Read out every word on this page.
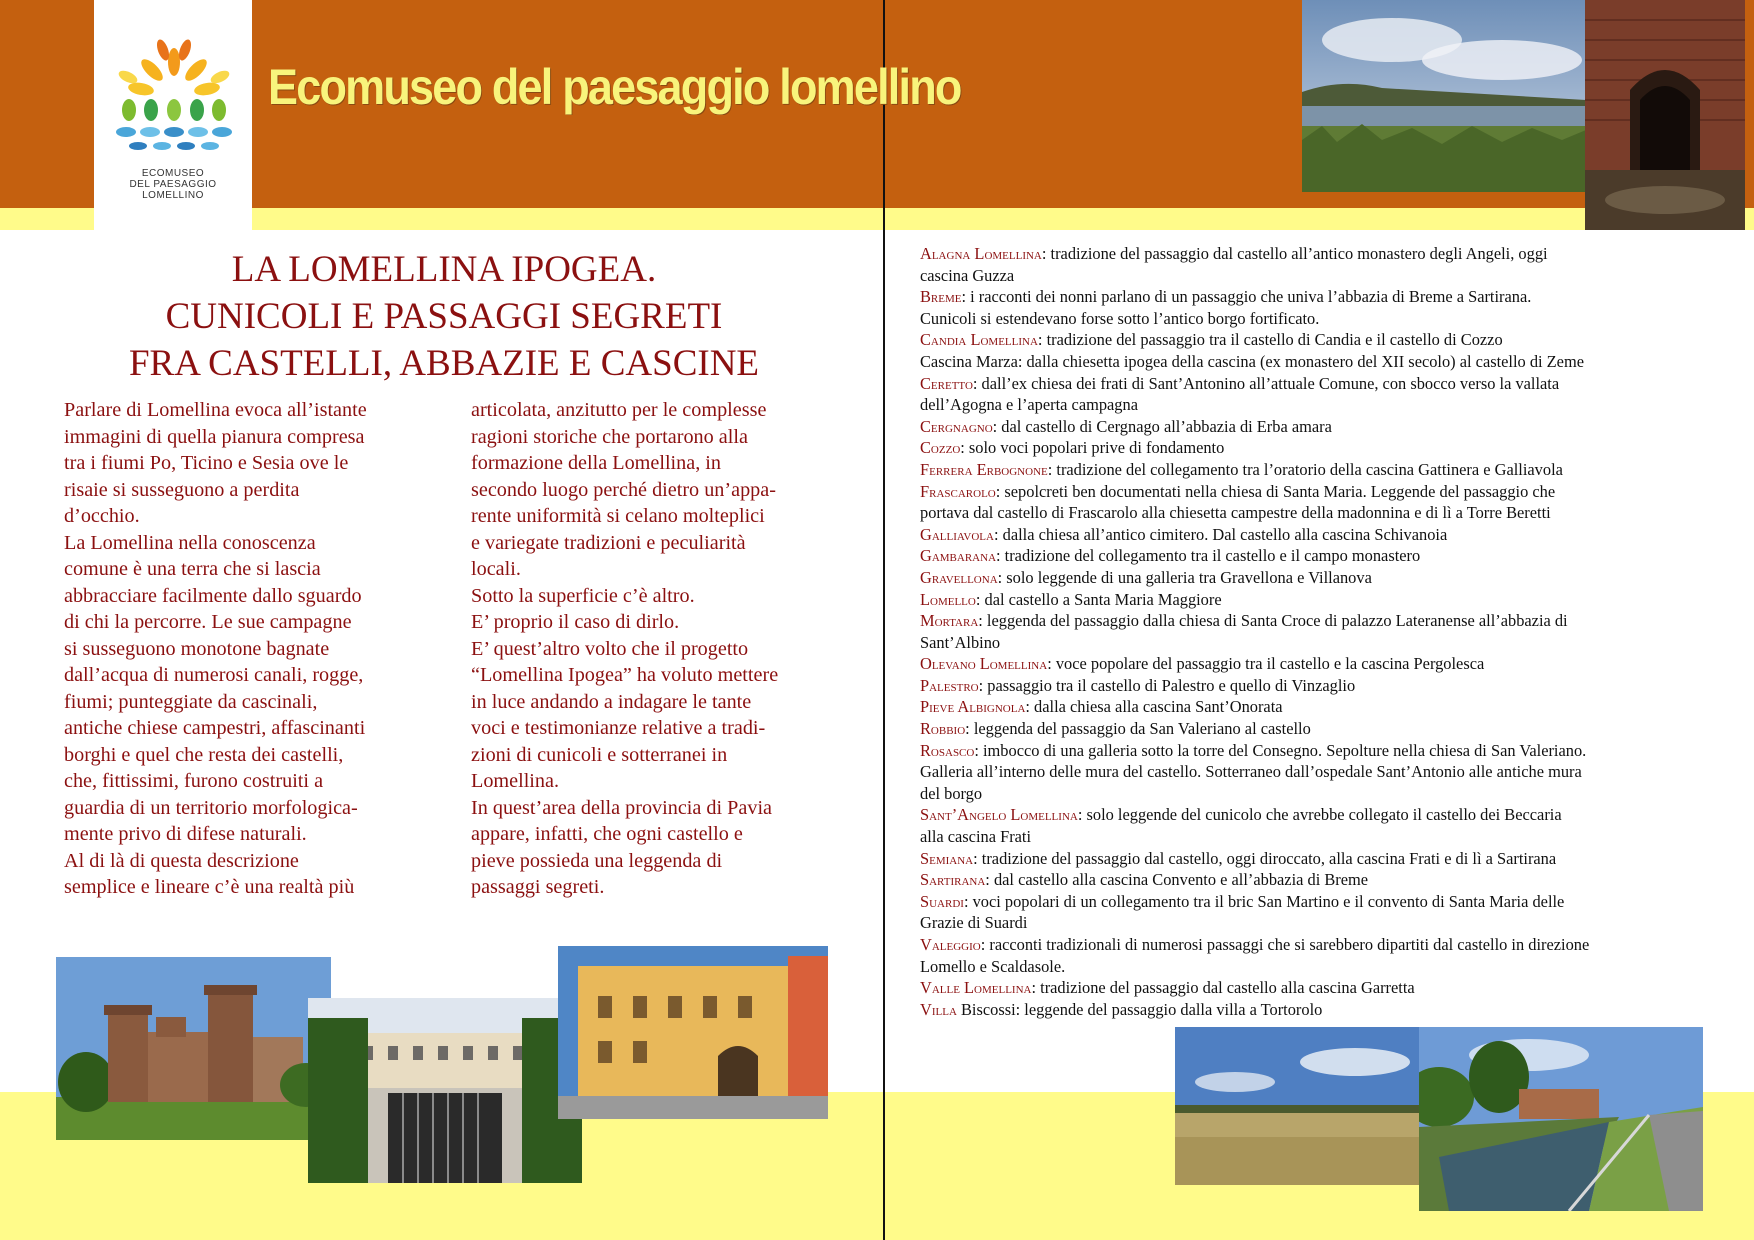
ECOMUSEO
DEL PAESAGGIO
LOMELLINO
Ecomuseo del paesaggio lomellino
LA LOMELLINA IPOGEA.
CUNICOLI E PASSAGGI SEGRETI
FRA CASTELLI, ABBAZIE E CASCINE
Parlare di Lomellina evoca all’istante
immagini di quella pianura compresa
tra i fiumi Po, Ticino e Sesia ove le
risaie si susseguono a perdita
d’occhio.
La Lomellina nella conoscenza
comune è una terra che si lascia
abbracciare facilmente dallo sguardo
di chi la percorre. Le sue campagne
si susseguono monotone bagnate
dall’acqua di numerosi canali, rogge,
fiumi; punteggiate da cascinali,
antiche chiese campestri, affascinanti
borghi e quel che resta dei castelli,
che, fittissimi, furono costruiti a
guardia di un territorio morfologica-
mente privo di difese naturali.
Al di là di questa descrizione
semplice e lineare c’è una realtà più
articolata, anzitutto per le complesse
ragioni storiche che portarono alla
formazione della Lomellina, in
secondo luogo perché dietro un’appa-
rente uniformità si celano molteplici
e variegate tradizioni e peculiarità
locali.
Sotto la superficie c’è altro.
E’ proprio il caso di dirlo.
E’ quest’altro volto che il progetto
“Lomellina Ipogea” ha voluto mettere
in luce andando a indagare le tante
voci e testimonianze relative a tradi-
zioni di cunicoli e sotterranei in
Lomellina.
In quest’area della provincia di Pavia
appare, infatti, che ogni castello e
pieve possieda una leggenda di
passaggi segreti.
Alagna Lomellina: tradizione del passaggio dal castello all’antico monastero degli Angeli, oggi
cascina Guzza
Breme: i racconti dei nonni parlano di un passaggio che univa l’abbazia di Breme a Sartirana.
Cunicoli si estendevano forse sotto l’antico borgo fortificato.
Candia Lomellina: tradizione del passaggio tra il castello di Candia e il castello di Cozzo
Cascina Marza: dalla chiesetta ipogea della cascina (ex monastero del XII secolo) al castello di Zeme
Ceretto: dall’ex chiesa dei frati di Sant’Antonino all’attuale Comune, con sbocco verso la vallata
dell’Agogna e l’aperta campagna
Cergnagno: dal castello di Cergnago all’abbazia di Erba amara
Cozzo: solo voci popolari prive di fondamento
Ferrera Erbognone: tradizione del collegamento tra l’oratorio della cascina Gattinera e Galliavola
Frascarolo: sepolcreti ben documentati nella chiesa di Santa Maria. Leggende del passaggio che
portava dal castello di Frascarolo alla chiesetta campestre della madonnina e di lì a Torre Beretti
Galliavola: dalla chiesa all’antico cimitero. Dal castello alla cascina Schivanoia
Gambarana: tradizione del collegamento tra il castello e il campo monastero
Gravellona: solo leggende di una galleria tra Gravellona e Villanova
Lomello: dal castello a Santa Maria Maggiore
Mortara: leggenda del passaggio dalla chiesa di Santa Croce di palazzo Lateranense all’abbazia di
Sant’Albino
Olevano Lomellina: voce popolare del passaggio tra il castello e la cascina Pergolesca
Palestro: passaggio tra il castello di Palestro e quello di Vinzaglio
Pieve Albignola: dalla chiesa alla cascina Sant’Onorata
Robbio: leggenda del passaggio da San Valeriano al castello
Rosasco: imbocco di una galleria sotto la torre del Consegno. Sepolture nella chiesa di San Valeriano.
Galleria all’interno delle mura del castello. Sotterraneo dall’ospedale Sant’Antonio alle antiche mura
del borgo
Sant’Angelo Lomellina: solo leggende del cunicolo che avrebbe collegato il castello dei Beccaria
alla cascina Frati
Semiana: tradizione del passaggio dal castello, oggi diroccato, alla cascina Frati e di lì a Sartirana
Sartirana: dal castello alla cascina Convento e all’abbazia di Breme
Suardi: voci popolari di un collegamento tra il bric San Martino e il convento di Santa Maria delle
Grazie di Suardi
Valeggio: racconti tradizionali di numerosi passaggi che si sarebbero dipartiti dal castello in direzione
Lomello e Scaldasole.
Valle Lomellina: tradizione del passaggio dal castello alla cascina Garretta
Villa Biscossi: leggende del passaggio dalla villa a Tortorolo
